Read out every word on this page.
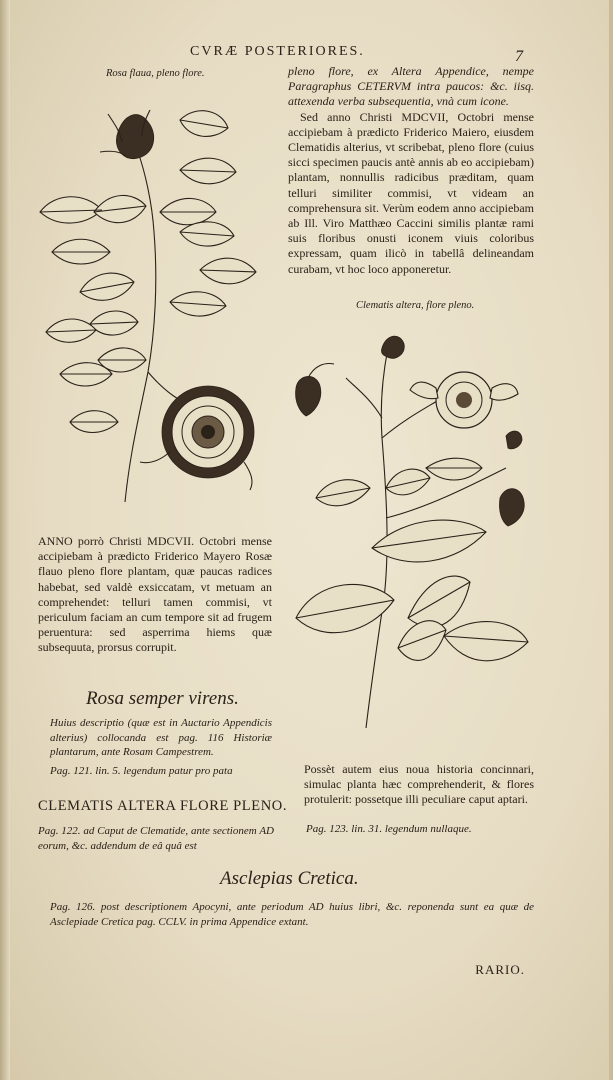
CVRÆ POSTERIORES.	7
Rosa flaua, pleno flore.	pleno flore, ex Altera Appendice, nempe Paragraphus CETERVM intra paucos: &c. iisq. attexenda verba subsequentia, vnà cum icone.

Sed anno Christi MDCVII, Octobri mense accipiebam à prædicto Friderico Maiero, eiusdem Clematidis alterius, vt scribebat, pleno flore (cuius sicci specimen paucis antè annis ab eo accipiebam) plantam, nonnullis radicibus præditam, quam telluri similiter commisi, vt videam an comprehensura sit. Verùm eodem anno accipiebam ab Ill. Viro Matthæo Caccini similis plantæ rami suis floribus onusti iconem viuis coloribus expressam, quam ilicò in tabellâ delineandam curabam, vt hoc loco apponeretur.

Clematis altera, flore pleno.
ANNO porrò Christi MDCVII. Octobri mense accipiebam à prædicto Friderico Mayero Rosæ flauo pleno flore plantam, quæ paucas radices habebat, sed valdè exsiccatam, vt metuam an comprehendet: telluri tamen commisi, vt periculum faciam an cum tempore sit ad frugem peruentura: sed asperrima hiems quæ subsequuta, prorsus corrupit.
Rosa semper virens.
Huius descriptio (quæ est in Auctario Appendicis alterius) collocanda est pag. 116 Historiæ plantarum, ante Rosam Campestrem.
Pag. 121. lin. 5. legendum patur pro pata
CLEMATIS ALTERA FLORE PLENO.
Pag. 122. ad Caput de Clematide, ante sectionem AD eorum, &c. addendum de eâ quâ est
Possèt autem eius noua historia concinnari, simulac planta hæc comprehenderit, & flores protulerit: possetque illi peculiare caput aptari.
Pag. 123. lin. 31. legendum nullaque.
Asclepias Cretica.
Pag. 126. post descriptionem Apocyni, ante periodum AD huius libri, &c. reponenda sunt ea quæ de Asclepiade Cretica pag. CCLV. in prima Appendice extant.
RARIO.
